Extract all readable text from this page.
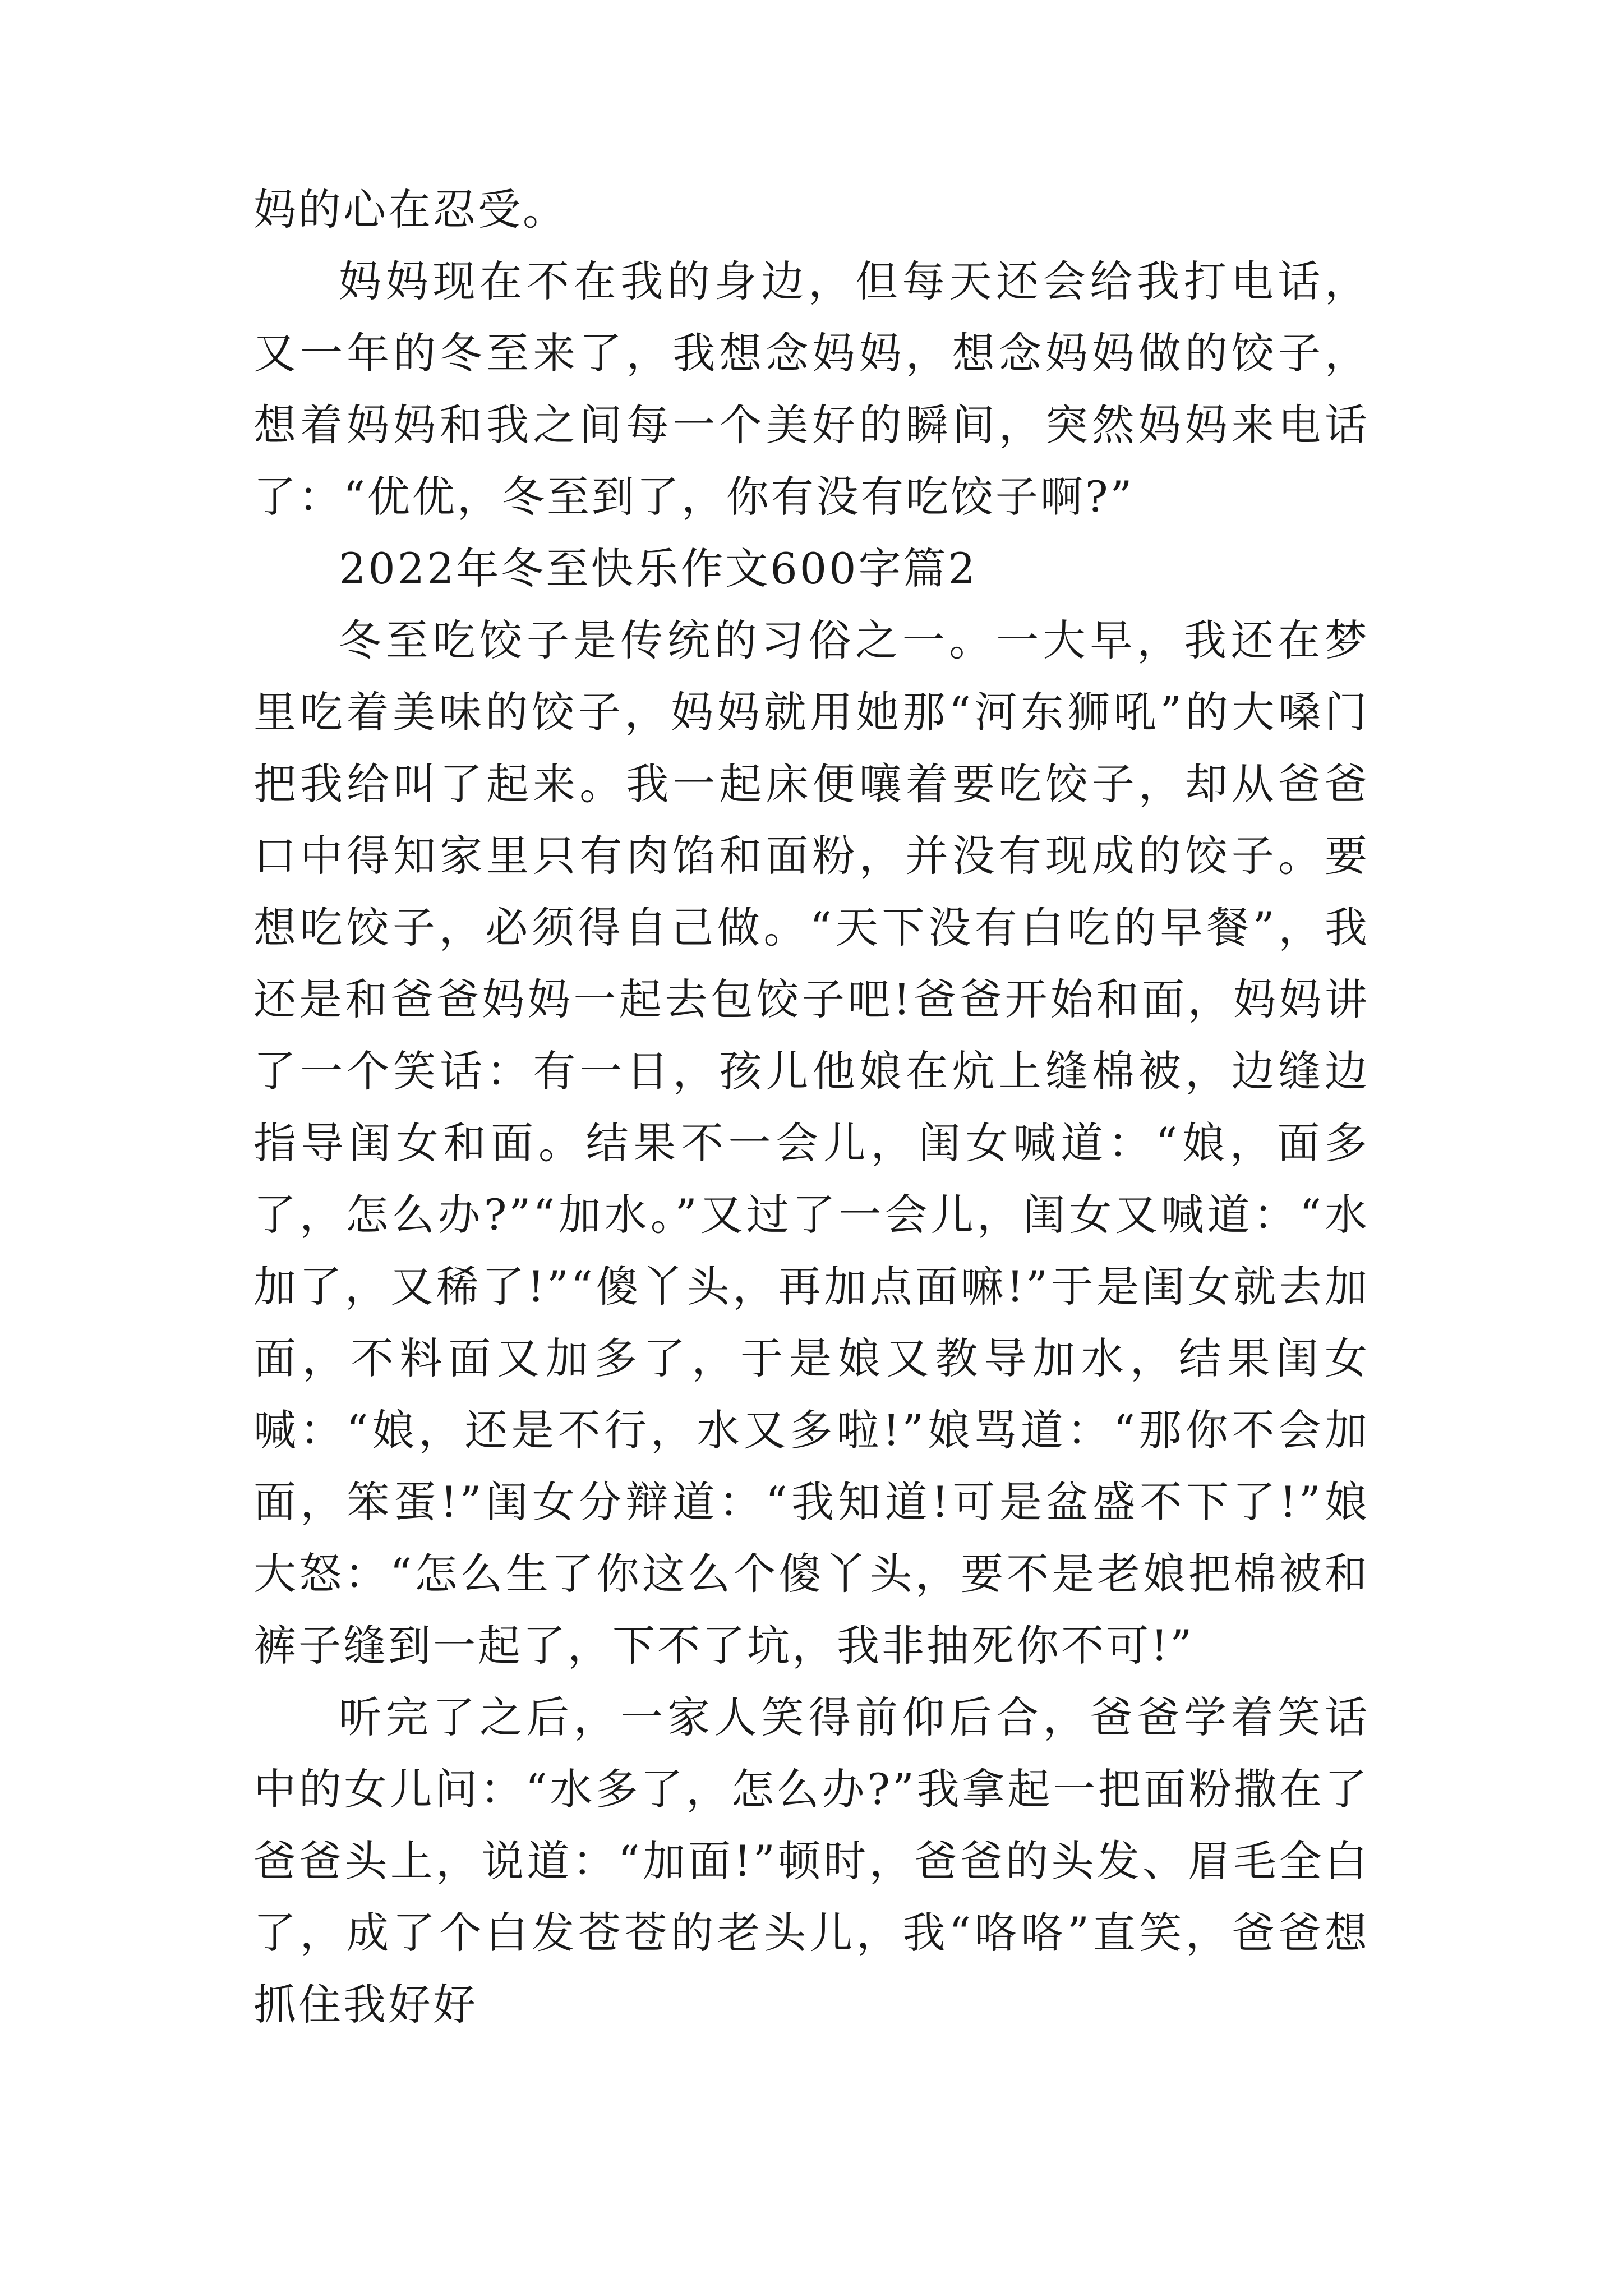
妈的心在忍受。

妈妈现在不在我的身边，但每天还会给我打电话，又一年的冬至来了，我想念妈妈，想念妈妈做的饺子，想着妈妈和我之间每一个美好的瞬间，突然妈妈来电话了：“优优，冬至到了，你有没有吃饺子啊?”

2022年冬至快乐作文600字篇2

冬至吃饺子是传统的习俗之一。一大早，我还在梦里吃着美味的饺子，妈妈就用她那“河东狮吼”的大嗓门把我给叫了起来。我一起床便嚷着要吃饺子，却从爸爸口中得知家里只有肉馅和面粉，并没有现成的饺子。要想吃饺子，必须得自己做。“天下没有白吃的早餐”，我还是和爸爸妈妈一起去包饺子吧!爸爸开始和面，妈妈讲了一个笑话：有一日，孩儿他娘在炕上缝棉被，边缝边指导闺女和面。结果不一会儿，闺女喊道：“娘，面多了，怎么办?”“加水。”又过了一会儿，闺女又喊道：“水加了，又稀了!”“傻丫头，再加点面嘛!”于是闺女就去加面，不料面又加多了，于是娘又教导加水，结果闺女喊：“娘，还是不行，水又多啦!”娘骂道：“那你不会加面，笨蛋!”闺女分辩道：“我知道!可是盆盛不下了!”娘大怒：“怎么生了你这么个傻丫头，要不是老娘把棉被和裤子缝到一起了，下不了坑，我非抽死你不可!”

听完了之后，一家人笑得前仰后合，爸爸学着笑话中的女儿问：“水多了，怎么办?”我拿起一把面粉撒在了爸爸头上，说道：“加面!”顿时，爸爸的头发、眉毛全白了，成了个白发苍苍的老头儿，我“咯咯”直笑，爸爸想抓住我好好
